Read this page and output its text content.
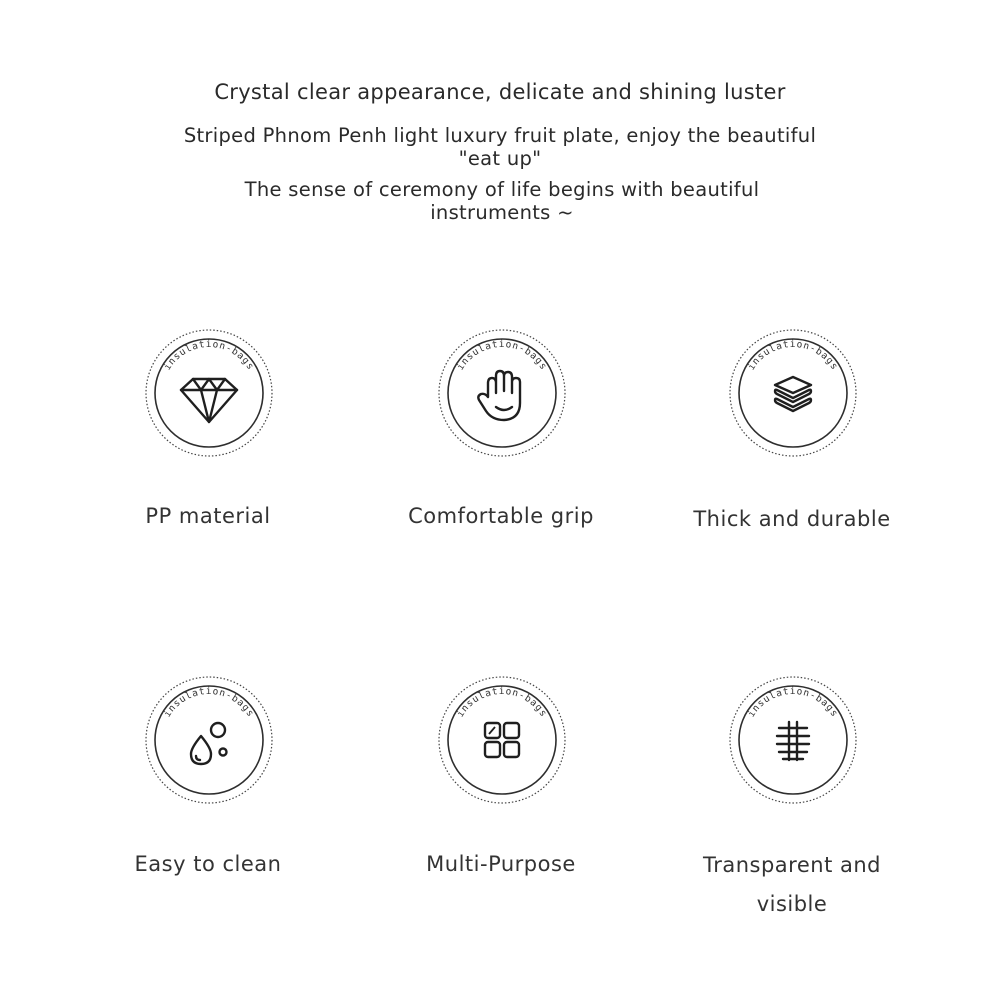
Crystal clear appearance, delicate and shining luster
Striped Phnom Penh light luxury fruit plate, enjoy the beautiful "eat up"
The sense of ceremony of life begins with beautiful instruments ~
insulation-bags
PP material
insulation-bags
Comfortable grip
insulation-bags
Thick and durable
insulation-bags
Easy to clean
insulation-bags
Multi-Purpose
insulation-bags
Transparent and visible
